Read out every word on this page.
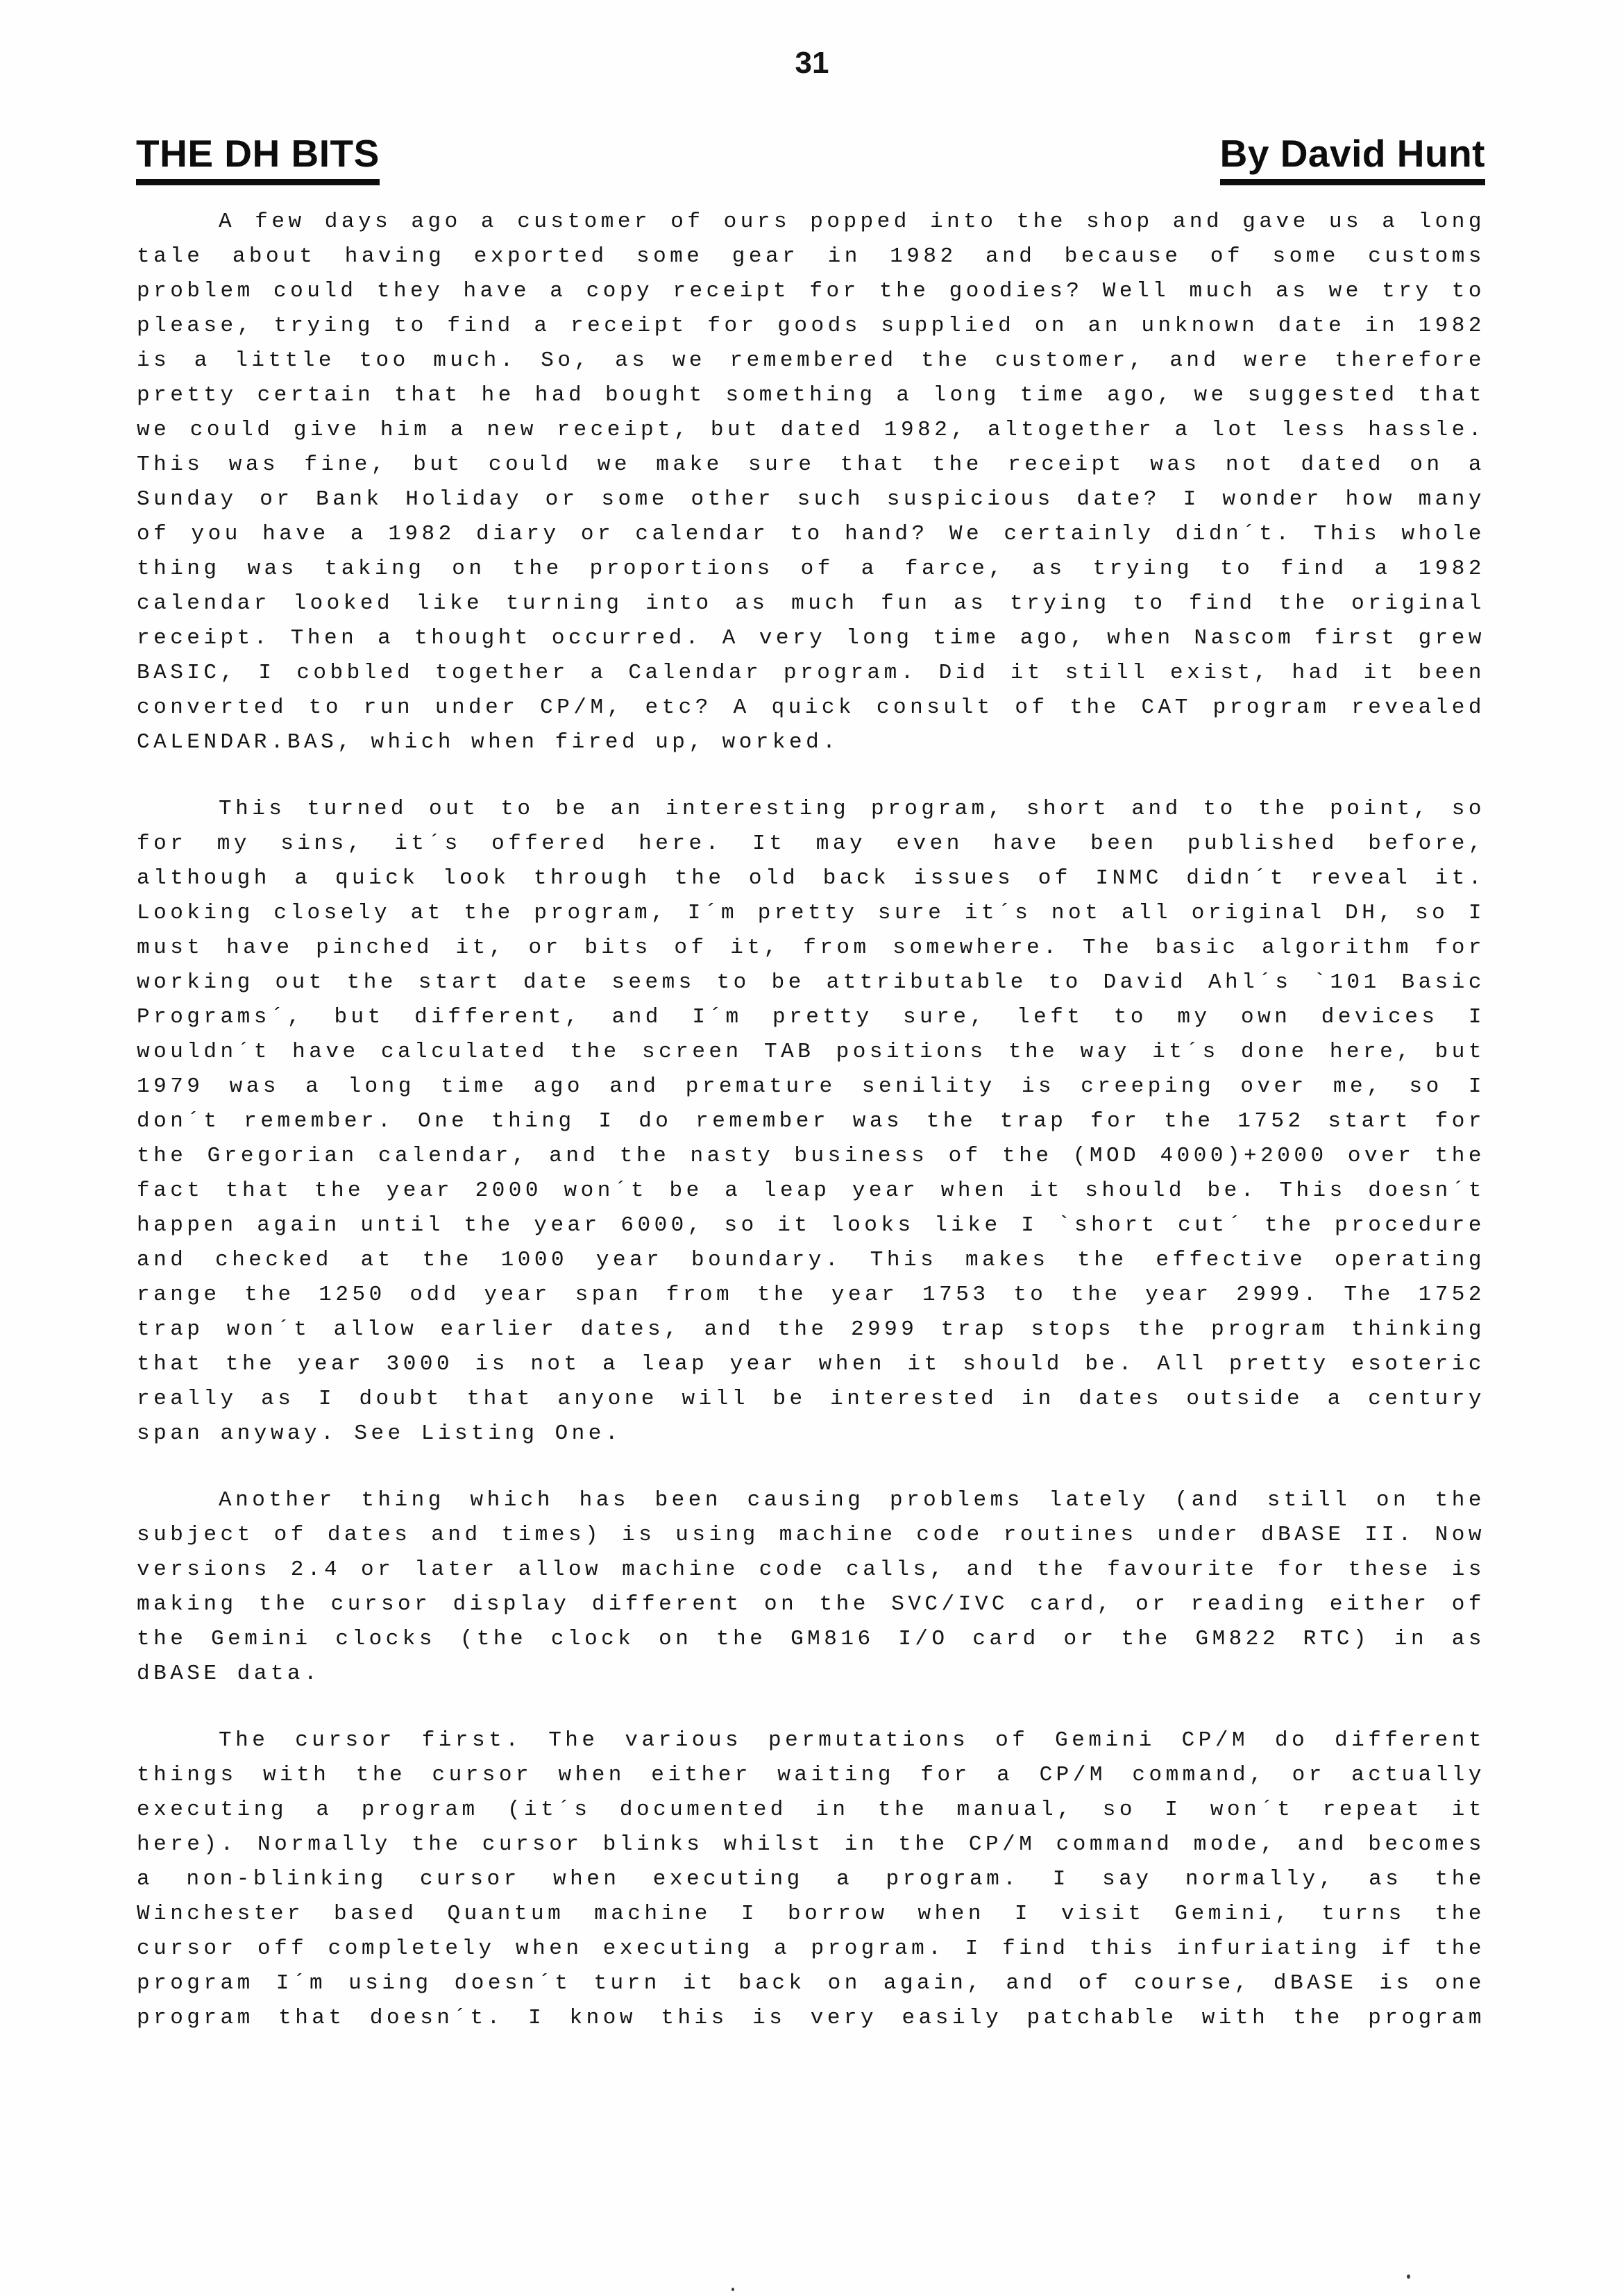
31
THE DH BITS	By David Hunt
A few days ago a customer of ours popped into the shop and gave us a long
tale about having exported some gear in 1982 and because of some customs
problem could they have a copy receipt for the goodies? Well much as we try to
please, trying to find a receipt for goods supplied on an unknown date in 1982
is a little too much. So, as we remembered the customer, and were therefore
pretty certain that he had bought something a long time ago, we suggested that
we could give him a new receipt, but dated 1982, altogether a lot less hassle.
This was fine, but could we make sure that the receipt was not dated on a
Sunday or Bank Holiday or some other such suspicious date? I wonder how many
of you have a 1982 diary or calendar to hand? We certainly didn´t. This whole
thing was taking on the proportions of a farce, as trying to find a 1982
calendar looked like turning into as much fun as trying to find the original
receipt. Then a thought occurred. A very long time ago, when Nascom first grew
BASIC, I cobbled together a Calendar program. Did it still exist, had it been
converted to run under CP/M, etc? A quick consult of the CAT program revealed
CALENDAR.BAS, which when fired up, worked.
This turned out to be an interesting program, short and to the point, so
for my sins, it´s offered here. It may even have been published before,
although a quick look through the old back issues of INMC didn´t reveal it.
Looking closely at the program, I´m pretty sure it´s not all original DH, so I
must have pinched it, or bits of it, from somewhere. The basic algorithm for
working out the start date seems to be attributable to David Ahl´s `101 Basic
Programs´, but different, and I´m pretty sure, left to my own devices I
wouldn´t have calculated the screen TAB positions the way it´s done here, but
1979 was a long time ago and premature senility is creeping over me, so I
don´t remember. One thing I do remember was the trap for the 1752 start for
the Gregorian calendar, and the nasty business of the (MOD 4000)+2000 over the
fact that the year 2000 won´t be a leap year when it should be. This doesn´t
happen again until the year 6000, so it looks like I `short cut´ the procedure
and checked at the 1000 year boundary. This makes the effective operating
range the 1250 odd year span from the year 1753 to the year 2999. The 1752
trap won´t allow earlier dates, and the 2999 trap stops the program thinking
that the year 3000 is not a leap year when it should be. All pretty esoteric
really as I doubt that anyone will be interested in dates outside a century
span anyway. See Listing One.
Another thing which has been causing problems lately (and still on the
subject of dates and times) is using machine code routines under dBASE II. Now
versions 2.4 or later allow machine code calls, and the favourite for these is
making the cursor display different on the SVC/IVC card, or reading either of
the Gemini clocks (the clock on the GM816 I/O card or the GM822 RTC) in as
dBASE data.
The cursor first. The various permutations of Gemini CP/M do different
things with the cursor when either waiting for a CP/M command, or actually
executing a program (it´s documented in the manual, so I won´t repeat it
here). Normally the cursor blinks whilst in the CP/M command mode, and becomes
a non-blinking cursor when executing a program. I say normally, as the
Winchester based Quantum machine I borrow when I visit Gemini, turns the
cursor off completely when executing a program. I find this infuriating if the
program I´m using doesn´t turn it back on again, and of course, dBASE is one
program that doesn´t. I know this is very easily patchable with the program
